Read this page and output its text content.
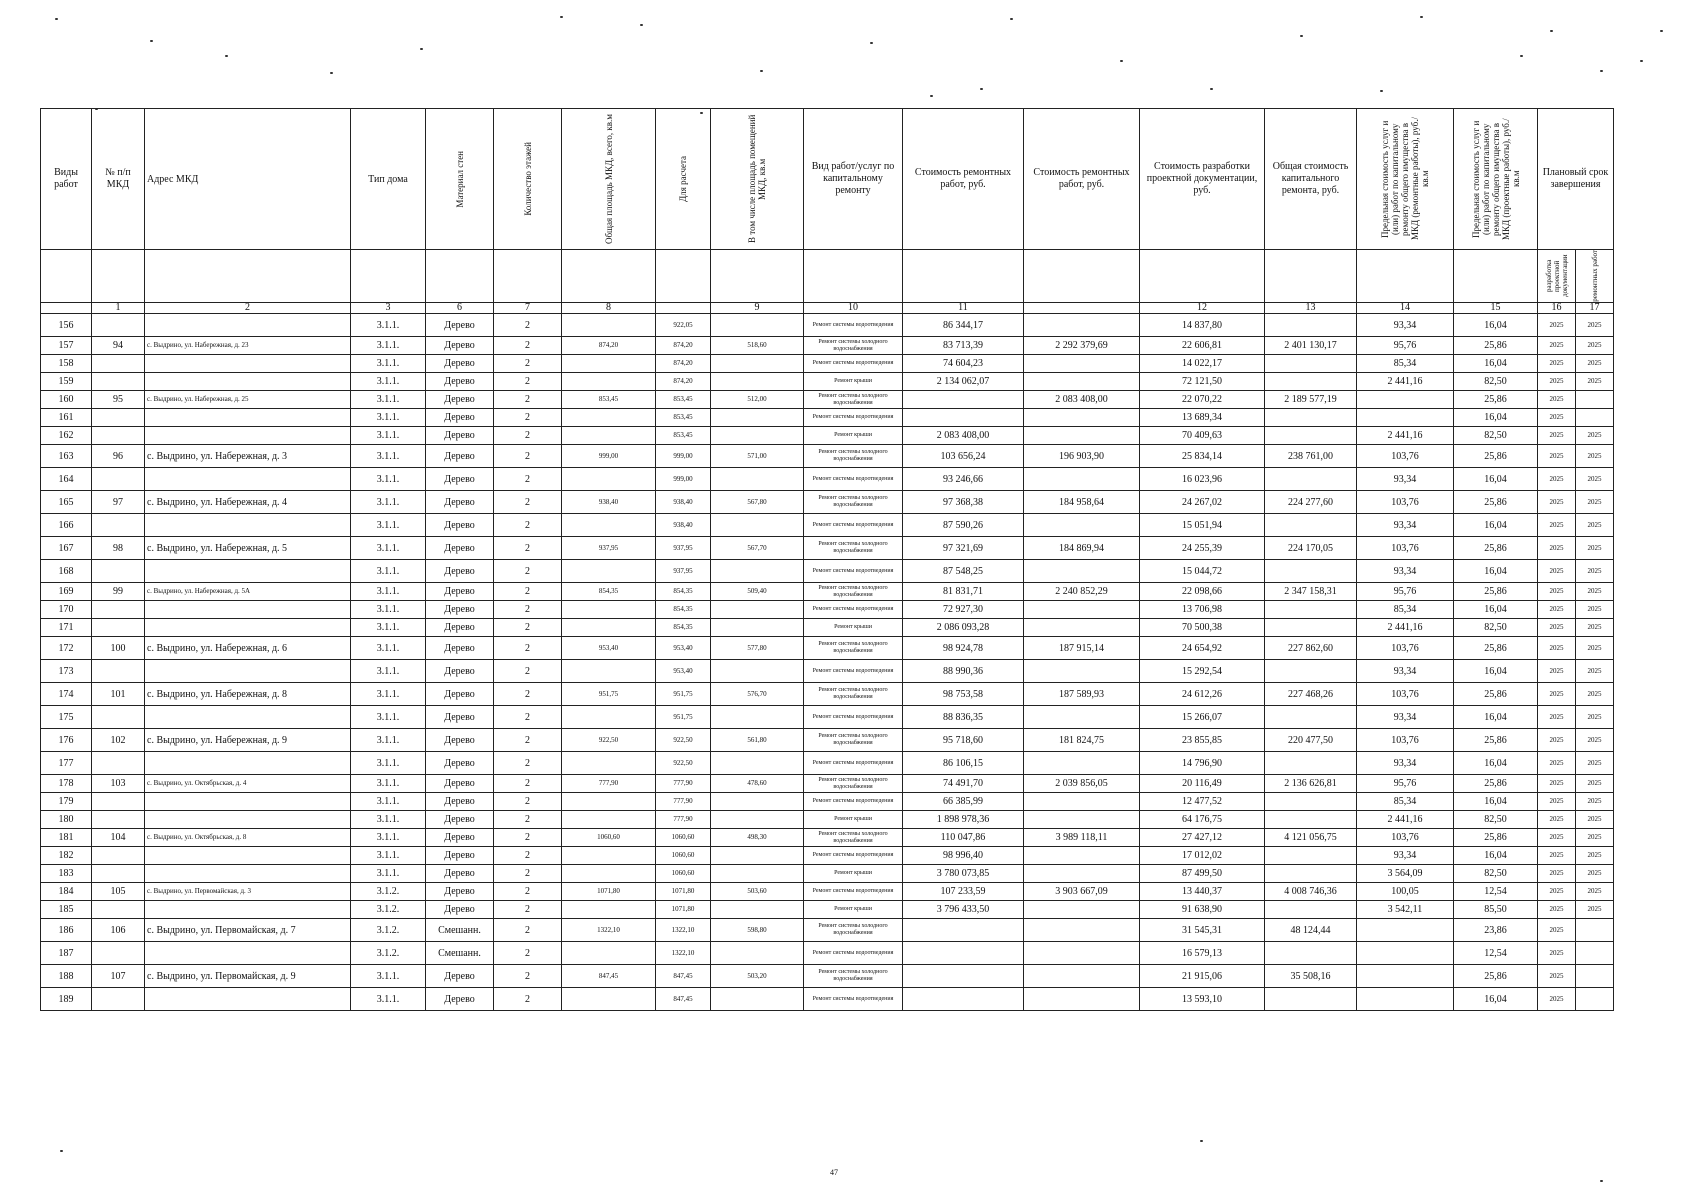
Виды работ	№ п/п МКД	Адрес МКД	Тип дома	Материал стен	Количество этажей	Общая площадь МКД, всего, кв.м	Для расчета	В том числе площадь помещений МКД, кв.м	Вид работ/услуг по капитальному ремонту	Стоимость ремонтных работ, руб.	Стоимость ремонтных работ, руб.	Стоимость разработки проектной документации, руб.	Общая стоимость капитального ремонта, руб.	Предельная стоимость услуг и (или) работ по капитальному ремонту общего имущества в МКД (ремонтные работы), руб./кв.м	Предельная стоимость услуг и (или) работ по капитальному ремонту общего имущества в МКД (проектные работы), руб./кв.м	Плановый срок завершения	

																разработка проектной документации	ремонтных работ

	1	2	3	6	7	8		9	10	11		12	13	14	15	16	17
156			3.1.1.	Дерево	2		922,05		Ремонт системы водоотведения	86 344,17		14 837,80		93,34	16,04	2025	2025
157	94	с. Выдрино, ул. Набережная, д. 23	3.1.1.	Дерево	2	874,20	874,20	518,60	Ремонт системы холодного водоснабжения	83 713,39	2 292 379,69	22 606,81	2 401 130,17	95,76	25,86	2025	2025
158			3.1.1.	Дерево	2		874,20		Ремонт системы водоотведения	74 604,23		14 022,17		85,34	16,04	2025	2025
159			3.1.1.	Дерево	2		874,20		Ремонт крыши	2 134 062,07		72 121,50		2 441,16	82,50	2025	2025
160	95	с. Выдрино, ул. Набережная, д. 25	3.1.1.	Дерево	2	853,45	853,45	512,00	Ремонт системы холодного водоснабжения		2 083 408,00	22 070,22	2 189 577,19		25,86	2025	
161			3.1.1.	Дерево	2		853,45		Ремонт системы водоотведения			13 689,34			16,04	2025	
162			3.1.1.	Дерево	2		853,45		Ремонт крыши	2 083 408,00		70 409,63		2 441,16	82,50	2025	2025
163	96	с. Выдрино, ул. Набережная, д. 3	3.1.1.	Дерево	2	999,00	999,00	571,00	Ремонт системы холодного водоснабжения	103 656,24	196 903,90	25 834,14	238 761,00	103,76	25,86	2025	2025
164			3.1.1.	Дерево	2		999,00		Ремонт системы водоотведения	93 246,66		16 023,96		93,34	16,04	2025	2025
165	97	с. Выдрино, ул. Набережная, д. 4	3.1.1.	Дерево	2	938,40	938,40	567,80	Ремонт системы холодного водоснабжения	97 368,38	184 958,64	24 267,02	224 277,60	103,76	25,86	2025	2025
166			3.1.1.	Дерево	2		938,40		Ремонт системы водоотведения	87 590,26		15 051,94		93,34	16,04	2025	2025
167	98	с. Выдрино, ул. Набережная, д. 5	3.1.1.	Дерево	2	937,95	937,95	567,70	Ремонт системы холодного водоснабжения	97 321,69	184 869,94	24 255,39	224 170,05	103,76	25,86	2025	2025
168			3.1.1.	Дерево	2		937,95		Ремонт системы водоотведения	87 548,25		15 044,72		93,34	16,04	2025	2025
169	99	с. Выдрино, ул. Набережная, д. 5А	3.1.1.	Дерево	2	854,35	854,35	509,40	Ремонт системы холодного водоснабжения	81 831,71	2 240 852,29	22 098,66	2 347 158,31	95,76	25,86	2025	2025
170			3.1.1.	Дерево	2		854,35		Ремонт системы водоотведения	72 927,30		13 706,98		85,34	16,04	2025	2025
171			3.1.1.	Дерево	2		854,35		Ремонт крыши	2 086 093,28		70 500,38		2 441,16	82,50	2025	2025
172	100	с. Выдрино, ул. Набережная, д. 6	3.1.1.	Дерево	2	953,40	953,40	577,80	Ремонт системы холодного водоснабжения	98 924,78	187 915,14	24 654,92	227 862,60	103,76	25,86	2025	2025
173			3.1.1.	Дерево	2		953,40		Ремонт системы водоотведения	88 990,36		15 292,54		93,34	16,04	2025	2025
174	101	с. Выдрино, ул. Набережная, д. 8	3.1.1.	Дерево	2	951,75	951,75	576,70	Ремонт системы холодного водоснабжения	98 753,58	187 589,93	24 612,26	227 468,26	103,76	25,86	2025	2025
175			3.1.1.	Дерево	2		951,75		Ремонт системы водоотведения	88 836,35		15 266,07		93,34	16,04	2025	2025
176	102	с. Выдрино, ул. Набережная, д. 9	3.1.1.	Дерево	2	922,50	922,50	561,80	Ремонт системы холодного водоснабжения	95 718,60	181 824,75	23 855,85	220 477,50	103,76	25,86	2025	2025
177			3.1.1.	Дерево	2		922,50		Ремонт системы водоотведения	86 106,15		14 796,90		93,34	16,04	2025	2025
178	103	с. Выдрино, ул. Октябрьская, д. 4	3.1.1.	Дерево	2	777,90	777,90	478,60	Ремонт системы холодного водоснабжения	74 491,70	2 039 856,05	20 116,49	2 136 626,81	95,76	25,86	2025	2025
179			3.1.1.	Дерево	2		777,90		Ремонт системы водоотведения	66 385,99		12 477,52		85,34	16,04	2025	2025
180			3.1.1.	Дерево	2		777,90		Ремонт крыши	1 898 978,36		64 176,75		2 441,16	82,50	2025	2025
181	104	с. Выдрино, ул. Октябрьская, д. 8	3.1.1.	Дерево	2	1060,60	1060,60	498,30	Ремонт системы холодного водоснабжения	110 047,86	3 989 118,11	27 427,12	4 121 056,75	103,76	25,86	2025	2025
182			3.1.1.	Дерево	2		1060,60		Ремонт системы водоотведения	98 996,40		17 012,02		93,34	16,04	2025	2025
183			3.1.1.	Дерево	2		1060,60		Ремонт крыши	3 780 073,85		87 499,50		3 564,09	82,50	2025	2025
184	105	с. Выдрино, ул. Первомайская, д. 3	3.1.2.	Дерево	2	1071,80	1071,80	503,60	Ремонт системы водоотведения	107 233,59	3 903 667,09	13 440,37	4 008 746,36	100,05	12,54	2025	2025
185			3.1.2.	Дерево	2		1071,80		Ремонт крыши	3 796 433,50		91 638,90		3 542,11	85,50	2025	2025
186	106	с. Выдрино, ул. Первомайская, д. 7	3.1.2.	Смешанн.	2	1322,10	1322,10	598,80	Ремонт системы холодного водоснабжения			31 545,31	48 124,44		23,86	2025	
187			3.1.2.	Смешанн.	2		1322,10		Ремонт системы водоотведения			16 579,13			12,54	2025	
188	107	с. Выдрино, ул. Первомайская, д. 9	3.1.1.	Дерево	2	847,45	847,45	503,20	Ремонт системы холодного водоснабжения			21 915,06	35 508,16		25,86	2025	
189			3.1.1.	Дерево	2		847,45		Ремонт системы водоотведения			13 593,10			16,04	2025	
47
